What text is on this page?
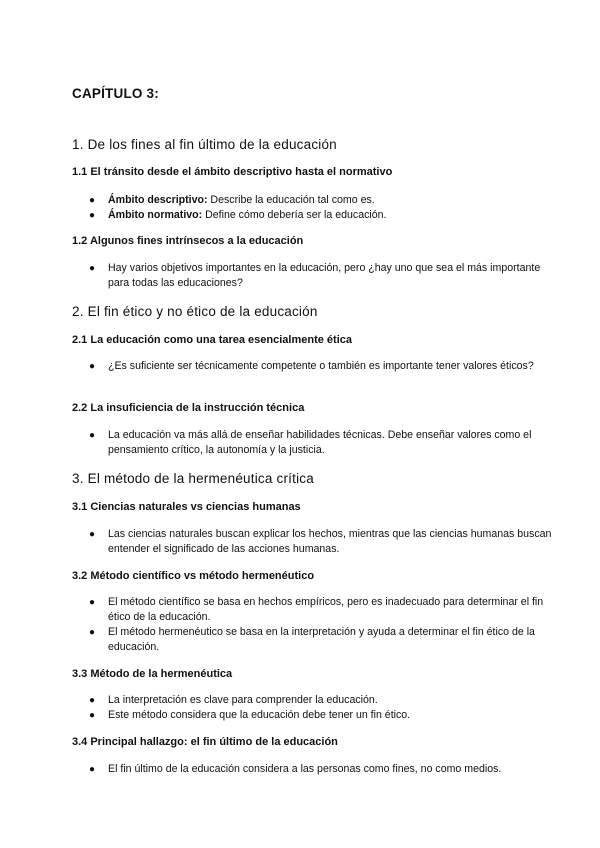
CAPÍTULO 3:
1. De los fines al fin último de la educación
1.1 El tránsito desde el ámbito descriptivo hasta el normativo
● Ámbito descriptivo: Describe la educación tal como es.
● Ámbito normativo: Define cómo debería ser la educación.
1.2 Algunos fines intrínsecos a la educación
● Hay varios objetivos importantes en la educación, pero ¿hay uno que sea el más importante para todas las educaciones?
2. El fin ético y no ético de la educación
2.1 La educación como una tarea esencialmente ética
● ¿Es suficiente ser técnicamente competente o también es importante tener valores éticos?
2.2 La insuficiencia de la instrucción técnica
● La educación va más allá de enseñar habilidades técnicas. Debe enseñar valores como el pensamiento crítico, la autonomía y la justicia.
3. El método de la hermenéutica crítica
3.1 Ciencias naturales vs ciencias humanas
● Las ciencias naturales buscan explicar los hechos, mientras que las ciencias humanas buscan entender el significado de las acciones humanas.
3.2 Método científico vs método hermenéutico
● El método científico se basa en hechos empíricos, pero es inadecuado para determinar el fin ético de la educación.
● El método hermenéutico se basa en la interpretación y ayuda a determinar el fin ético de la educación.
3.3 Método de la hermenéutica
● La interpretación es clave para comprender la educación.
● Este método considera que la educación debe tener un fin ético.
3.4 Principal hallazgo: el fin último de la educación
● El fin último de la educación considera a las personas como fines, no como medios.
